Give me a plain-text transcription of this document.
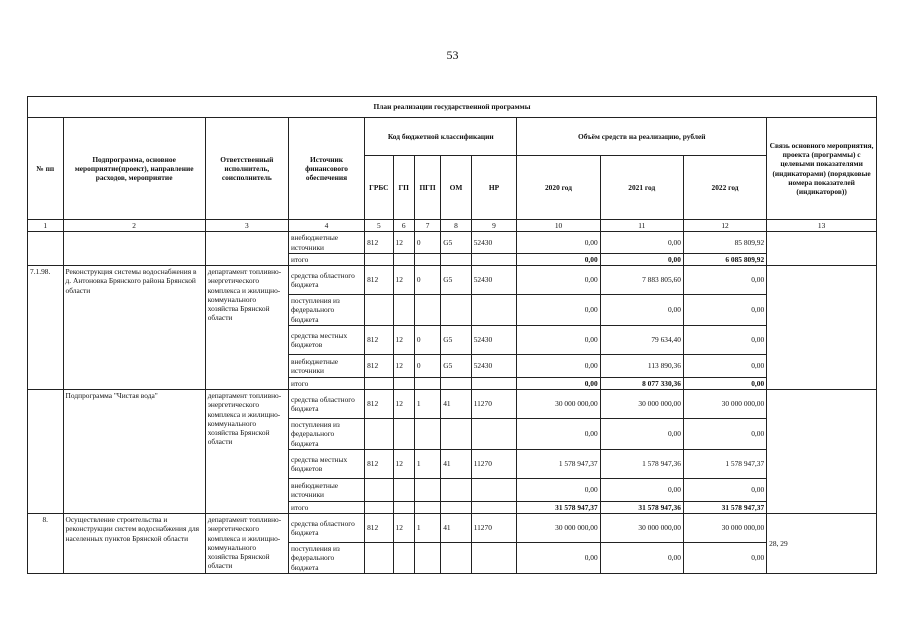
53
План реализации государственной программы												
№ пп	Подпрограмма, основное мероприятие(проект), направление расходов, мероприятие	Ответственный исполнитель, соисполнитель	Источник финансового обеспечения	Код бюджетной классификации					Объём средств на реализацию, рублей			Связь основного мероприятия, проекта (программы) с целевыми показателями (индикаторами) (порядковые номера показателей (индикаторов))
				ГРБС	ГП	ПГП	ОМ	НР	2020 год	2021 год	2022 год	
1	2	3	4	5	6	7	8	9	10	11	12	13
			внебюджетные источники	812	12	0	G5	52430	0,00	0,00	85 809,92	
			итого						0,00	0,00	6 085 809,92	
7.1.98.	Реконструкция системы водоснабжения в д. Антоновка Брянского района Брянской области	департамент топливно-энергетического комплекса и жилищно-коммунального хозяйства Брянской области	средства областного бюджета	812	12	0	G5	52430	0,00	7 883 805,60	0,00	
			поступления из федерального бюджета						0,00	0,00	0,00	
			средства местных бюджетов	812	12	0	G5	52430	0,00	79 634,40	0,00	
			внебюджетные источники	812	12	0	G5	52430	0,00	113 890,36	0,00	
			итого						0,00	8 077 330,36	0,00	
	Подпрограмма "Чистая вода"	департамент топливно-энергетического комплекса и жилищно-коммунального хозяйства Брянской области	средства областного бюджета	812	12	1	41	11270	30 000 000,00	30 000 000,00	30 000 000,00	
			поступления из федерального бюджета						0,00	0,00	0,00	
			средства местных бюджетов	812	12	1	41	11270	1 578 947,37	1 578 947,36	1 578 947,37	
			внебюджетные источники						0,00	0,00	0,00	
			итого						31 578 947,37	31 578 947,36	31 578 947,37	
8.	Осуществление строительства и реконструкции систем водоснабжения для населенных пунктов Брянской области	департамент топливно-энергетического комплекса и жилищно-коммунального хозяйства Брянской области	средства областного бюджета	812	12	1	41	11270	30 000 000,00	30 000 000,00	30 000 000,00	28, 29
			поступления из федерального бюджета						0,00	0,00	0,00	
